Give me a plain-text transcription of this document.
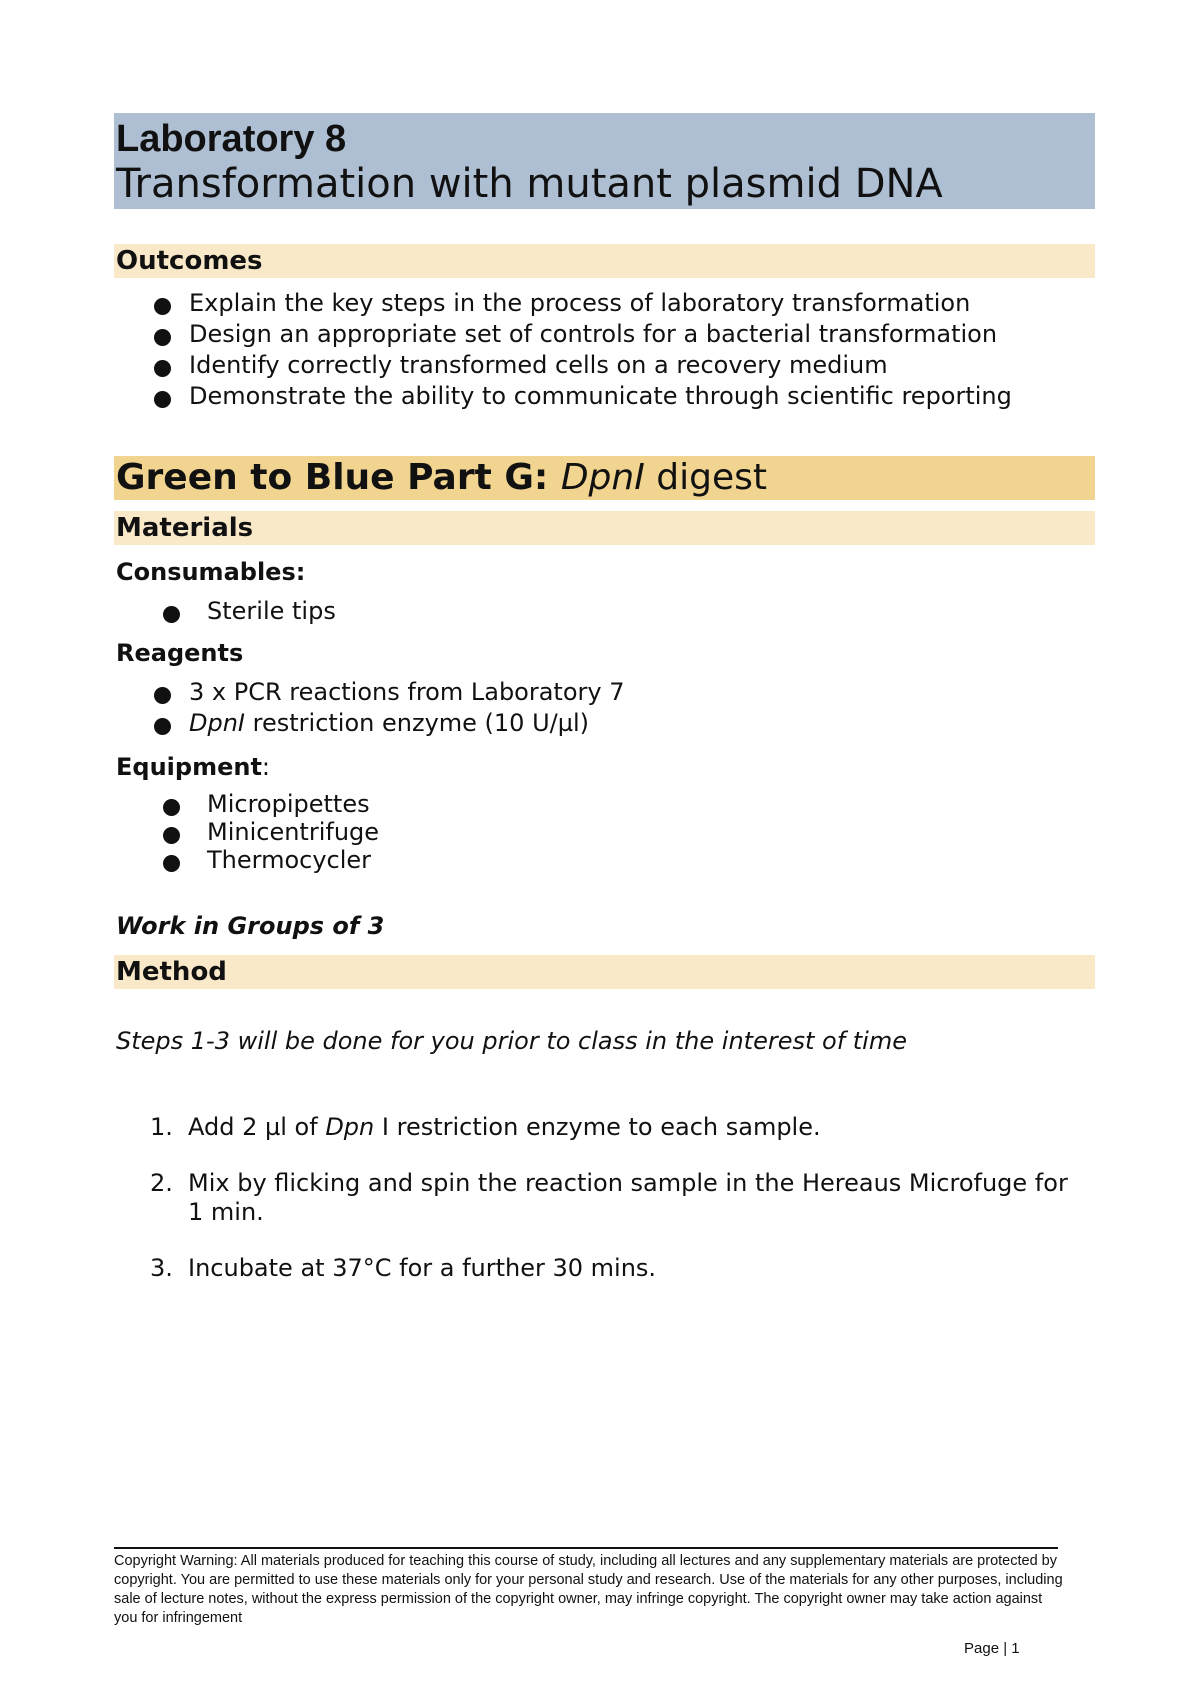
Laboratory 8
Transformation with mutant plasmid DNA
Outcomes
Explain the key steps in the process of laboratory transformation
Design an appropriate set of controls for a bacterial transformation
Identify correctly transformed cells on a recovery medium
Demonstrate the ability to communicate through scientific reporting
Green to Blue Part G: DpnI digest
Materials
Consumables:
Sterile tips
Reagents
3 x PCR reactions from Laboratory 7
DpnI restriction enzyme (10 U/µl)
Equipment:
Micropipettes
Minicentrifuge
Thermocycler
Work in Groups of 3
Method
Steps 1-3 will be done for you prior to class in the interest of time
1. Add 2 µl of Dpn I restriction enzyme to each sample.
2. Mix by flicking and spin the reaction sample in the Hereaus Microfuge for 1 min.
3. Incubate at 37°C for a further 30 mins.
Copyright Warning: All materials produced for teaching this course of study, including all lectures and any supplementary materials are protected by copyright. You are permitted to use these materials only for your personal study and research. Use of the materials for any other purposes, including sale of lecture notes, without the express permission of the copyright owner, may infringe copyright. The copyright owner may take action against you for infringement
Page | 1
